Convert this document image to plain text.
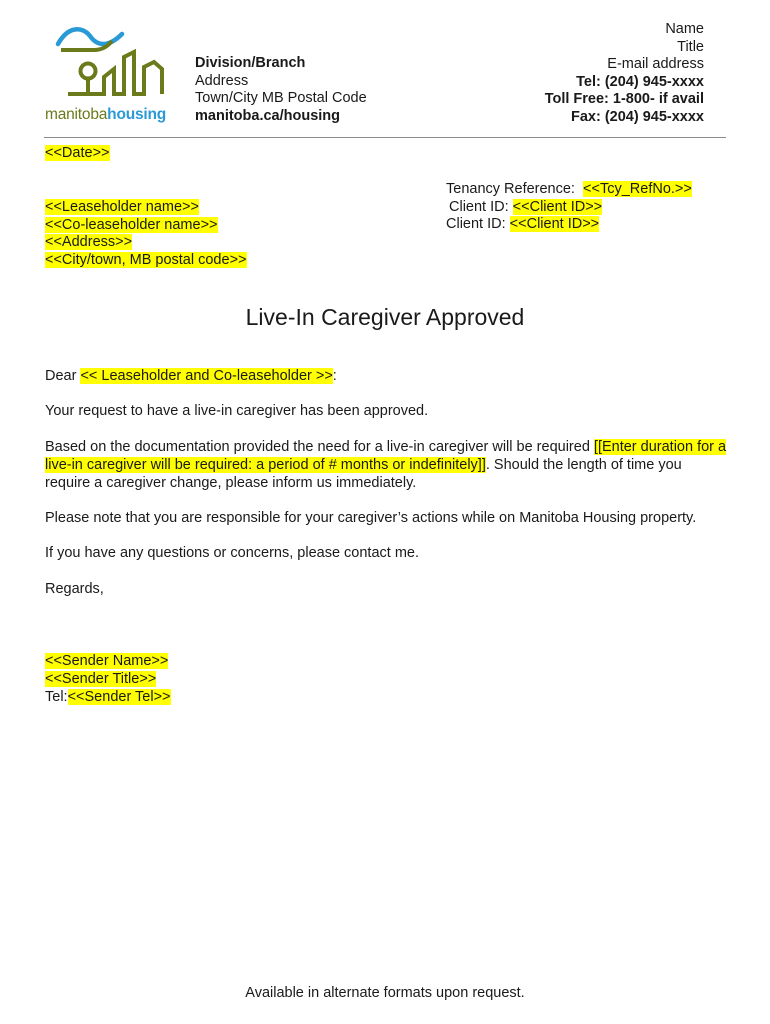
manitobahousing
Division/Branch
Address
Town/City MB Postal Code
manitoba.ca/housing
Name
Title
E-mail address
Tel: (204) 945-xxxx
Toll Free: 1-800- if avail
Fax: (204) 945-xxxx
<<Date>>
<<Leaseholder name>>
<<Co-leaseholder name>>
<<Address>>
<<City/town, MB postal code>>
Tenancy Reference:  <<Tcy_RefNo.>>
Client ID: <<Client ID>>
Client ID: <<Client ID>>
Live-In Caregiver Approved

Dear << Leaseholder and Co-leaseholder >>:

Your request to have a live-in caregiver has been approved.

Based on the documentation provided the need for a live-in caregiver will be required [[Enter duration for a live-in caregiver will be required: a period of # months or indefinitely]]. Should the length of time you require a caregiver change, please inform us immediately.

Please note that you are responsible for your caregiver’s actions while on Manitoba Housing property.

If you have any questions or concerns, please contact me.

Regards,

<<Sender Name>>
<<Sender Title>>
Tel:<<Sender Tel>>
Available in alternate formats upon request.
